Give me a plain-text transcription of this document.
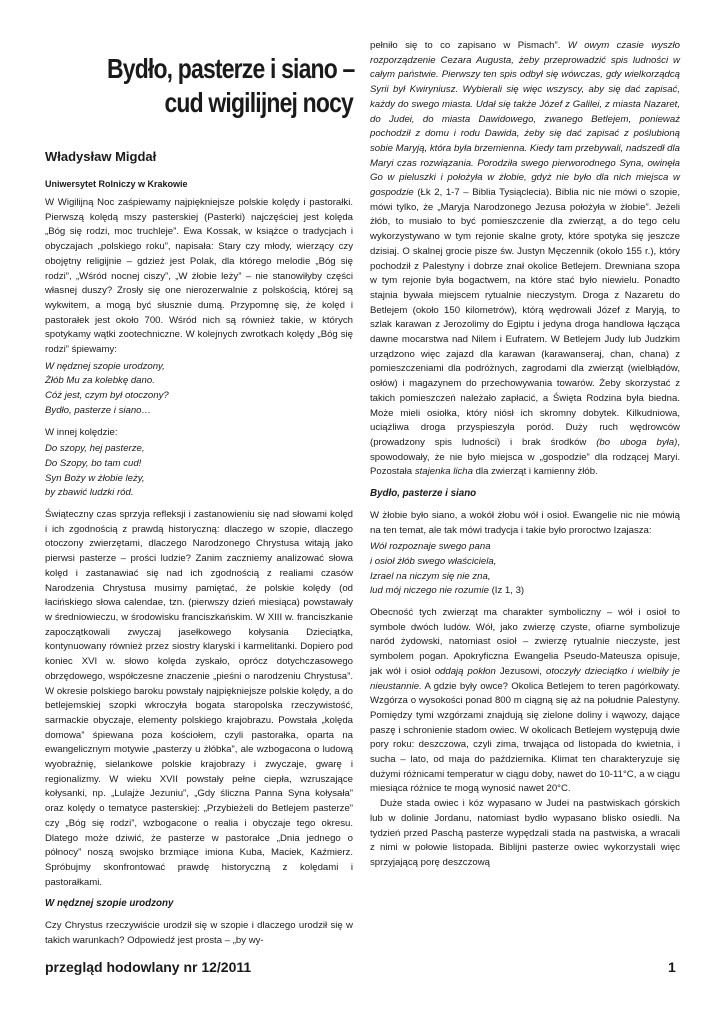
Bydło, pasterze i siano –
cud wigilijnej nocy
Władysław Migdał
Uniwersytet Rolniczy w Krakowie

W Wigilijną Noc zaśpiewamy najpiękniejsze polskie kolędy i pastorałki. Pierwszą kolędą mszy pasterskiej (Pasterki) najczęściej jest kolęda „Bóg się rodzi, moc truchleje”. Ewa Kossak, w książce o tradycjach i obyczajach „polskiego roku”, napisała: Stary czy młody, wierzący czy obojętny religijnie – gdzież jest Polak, dla którego melodie „Bóg się rodzi”, „Wśród nocnej ciszy”, „W żłobie leży” – nie stanowiłyby części własnej duszy? Zrosły się one nierozerwalnie z polskością, której są wykwitem, a mogą być słusznie dumą. Przypomnę się, że kolęd i pastorałek jest około 700. Wśród nich są również takie, w których spotykamy wątki zootechniczne. W kolejnych zwrotkach kolędy „Bóg się rodzi” śpiewamy:

W nędznej szopie urodzony,
Żłób Mu za kolebkę dano.
Cóż jest, czym był otoczony?
Bydło, pasterze i siano…

W innej kolędzie:

Do szopy, hej pasterze,
Do Szopy, bo tam cud!
Syn Boży w żłobie leży,
by zbawić ludzki ród.

Świąteczny czas sprzyja refleksji i zastanowieniu się nad słowami kolęd i ich zgodnością z prawdą historyczną: dlaczego w szopie, dlaczego otoczony zwierzętami, dlaczego Narodzonego Chrystusa witają jako pierwsi pasterze – prości ludzie? Zanim zaczniemy analizować słowa kolęd i zastanawiać się nad ich zgodnością z realiami czasów Narodzenia Chrystusa musimy pamiętać, że polskie kolędy (od łacińskiego słowa calendae, tzn. (pierwszy dzień miesiąca) powstawały w średniowieczu, w środowisku franciszkańskim. W XIII w. franciszkanie zapoczątkowali zwyczaj jasełkowego kołysania Dzieciątka, kontynuowany również przez siostry klaryski i karmelitanki. Dopiero pod koniec XVI w. słowo kolęda zyskało, oprócz dotychczasowego obrzędowego, współczesne znaczenie „pieśni o narodzeniu Chrystusa”. W okresie polskiego baroku powstały najpiękniejsze polskie kolędy, a do betlejemskiej szopki wkroczyła bogata staropolska rzeczywistość, sarmackie obyczaje, elementy polskiego krajobrazu. Powstała „kolęda domowa” śpiewana poza kościołem, czyli pastorałka, oparta na ewangelicznym motywie „pasterzy u żłóbka”, ale wzbogacona o ludową wyobraźnię, sielankowe polskie krajobrazy i zwyczaje, gwarę i regionalizmy. W wieku XVII powstały pełne ciepła, wzruszające kołysanki, np. „Lulajże Jezuniu”, „Gdy śliczna Panna Syna kołysała” oraz kolędy o tematyce pasterskiej: „Przybieżeli do Betlejem pasterze” czy „Bóg się rodzi”, wzbogacone o realia i obyczaje tego okresu. Dlatego może dziwić, że pasterze w pastorałce „Dnia jednego o północy” noszą swojsko brzmiące imiona Kuba, Maciek, Kaźmierz. Spróbujmy skonfrontować prawdę historyczną z kolędami i pastorałkami.

W nędznej szopie urodzony

Czy Chrystus rzeczywiście urodził się w szopie i dlaczego urodził się w takich warunkach? Odpowiedź jest prosta – „by wy-

pełniło się to co zapisano w Pismach”. W owym czasie wyszło rozporządzenie Cezara Augusta, żeby przeprowadzić spis ludności w całym państwie. Pierwszy ten spis odbył się wówczas, gdy wielkorządcą Syrii był Kwiryniusz. Wybierali się więc wszyscy, aby się dać zapisać, każdy do swego miasta. Udał się także Józef z Galilei, z miasta Nazaret, do Judei, do miasta Dawidowego, zwanego Betlejem, ponieważ pochodził z domu i rodu Dawida, żeby się dać zapisać z poślubioną sobie Maryją, która była brzemienna. Kiedy tam przebywali, nadszedł dla Maryi czas rozwiązania. Porodziła swego pierworodnego Syna, owinęła Go w pieluszki i położyła w żłobie, gdyż nie było dla nich miejsca w gospodzie (Łk 2, 1-7 – Biblia Tysiąclecia). Biblia nic nie mówi o szopie, mówi tylko, że „Maryja Narodzonego Jezusa położyła w żłobie”. Jeżeli żłób, to musiało to być pomieszczenie dla zwierząt, a do tego celu wykorzystywano w tym rejonie skalne groty, które spotyka się jeszcze dzisiaj. O skalnej grocie pisze św. Justyn Męczennik (około 155 r.), który pochodził z Palestyny i dobrze znał okolice Betlejem. Drewniana szopa w tym rejonie była bogactwem, na które stać było niewielu. Ponadto stajnia bywała miejscem rytualnie nieczystym. Droga z Nazaretu do Betlejem (około 150 kilometrów), którą wędrowali Józef z Maryją, to szlak karawan z Jerozolimy do Egiptu i jedyna droga handlowa łącząca dawne mocarstwa nad Nilem i Eufratem. W Betlejem Judy lub Judzkim urządzono więc zajazd dla karawan (karawanseraj, chan, chana) z pomieszczeniami dla podróżnych, zagrodami dla zwierząt (wielbłądów, osłów) i magazynem do przechowywania towarów. Żeby skorzystać z takich pomieszczeń należało zapłacić, a Święta Rodzina była biedna. Może mieli osiołka, który niósł ich skromny dobytek. Kilkudniowa, uciążliwa droga przyspieszyła poród. Duży ruch wędrowców (prowadzony spis ludności) i brak środków (bo uboga była), spowodowały, że nie było miejsca w „gospodzie” dla rodzącej Maryi. Pozostała stajenka licha dla zwierząt i kamienny żłób.

Bydło, pasterze i siano

W żłobie było siano, a wokół żłobu wół i osioł. Ewangelie nic nie mówią na ten temat, ale tak mówi tradycja i takie było proroctwo Izajasza:

Wół rozpoznaje swego pana
i osioł żłób swego właściciela,
Izrael na niczym się nie zna,
lud mój niczego nie rozumie (Iz 1, 3)

Obecność tych zwierząt ma charakter symboliczny – wół i osioł to symbole dwóch ludów. Wół, jako zwierzę czyste, ofiarne symbolizuje naród żydowski, natomiast osioł – zwierzę rytualnie nieczyste, jest symbolem pogan. Apokryficzna Ewangelia Pseudo-Mateusza opisuje, jak wół i osioł oddają pokłon Jezusowi, otoczyły dzieciątko i wielbiły je nieustannie. A gdzie były owce? Okolica Betlejem to teren pagórkowaty. Wzgórza o wysokości ponad 800 m ciągną się aż na południe Palestyny. Pomiędzy tymi wzgórzami znajdują się zielone doliny i wąwozy, dające paszę i schronienie stadom owiec. W okolicach Betlejem występują dwie pory roku: deszczowa, czyli zima, trwająca od listopada do kwietnia, i sucha – lato, od maja do października. Klimat ten charakteryzuje się dużymi różnicami temperatur w ciągu doby, nawet do 10-11°C, a w ciągu miesiąca różnice te mogą wynosić nawet 20°C.

Duże stada owiec i kóz wypasano w Judei na pastwiskach górskich lub w dolinie Jordanu, natomiast bydło wypasano blisko osiedli. Na tydzień przed Paschą pasterze wypędzali stada na pastwiska, a wracali z nimi w połowie listopada. Biblijni pasterze owiec wykorzystali więc sprzyjającą porę deszczową

przegląd hodowlany nr 12/2011	1
